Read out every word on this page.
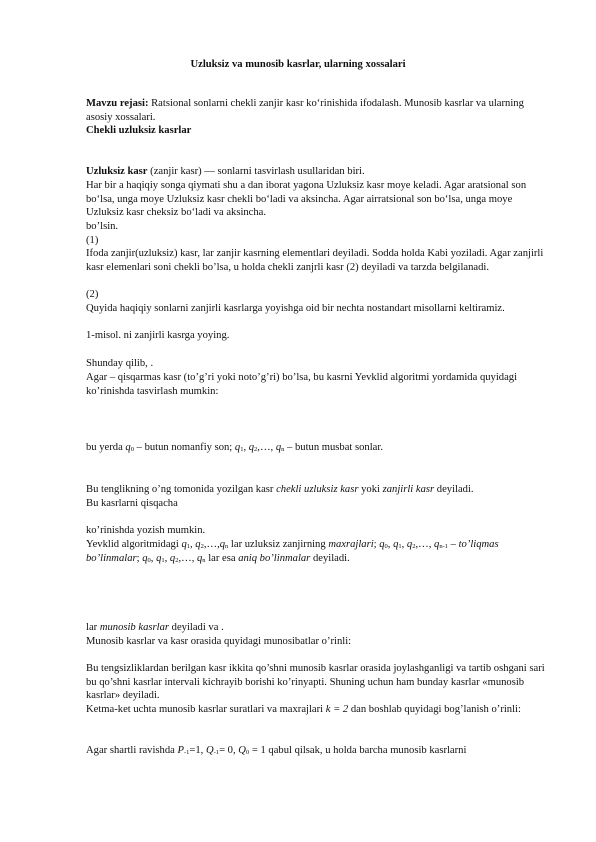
Uzluksiz va munosib kasrlar, ularning xossalari

Mavzu rejasi: Ratsional sonlarni chekli zanjir kasr ko‘rinishida ifodalash. Munosib kasrlar va ularning asosiy xossalari.

Chekli uzluksiz kasrlar

Uzluksiz kasr (zanjir kasr) — sonlarni tasvirlash usullaridan biri.

Har bir a haqiqiy songa qiymati shu a dan iborat yagona Uzluksiz kasr moye keladi. Agar aratsional son bo‘lsa, unga moye Uzluksiz kasr chekli bo‘ladi va aksincha. Agar airratsional son bo‘lsa, unga moye Uzluksiz kasr cheksiz bo‘ladi va aksincha.

bo’lsin.

(1)

Ifoda zanjir(uzluksiz) kasr, lar zanjir kasrning elementlari deyiladi. Sodda holda Kabi yoziladi. Agar zanjirli kasr elemenlari soni chekli bo’lsa, u holda chekli zanjrli kasr (2) deyiladi va tarzda belgilanadi.

(2)

Quyida haqiqiy sonlarni zanjirli kasrlarga yoyishga oid bir nechta nostandart misollarni keltiramiz.

1-misol. ni zanjirli kasrga yoying.

Shunday qilib, .

Agar – qisqarmas kasr (to’g’ri yoki noto’g’ri) bo’lsa, bu kasrni Yevklid algoritmi yordamida quyidagi ko’rinishda tasvirlash mumkin:

bu yerda $q_0$ – butun nomanfiy son; $q_1$, $q_2,\dots$, $q_n$ – butun musbat sonlar.

Bu tenglikning o’ng tomonida yozilgan kasr chekli uzluksiz kasr yoki zanjirli kasr deyiladi.

Bu kasrlarni qisqacha

ko’rinishda yozish mumkin.

Yevklid algoritmidagi $q_1$, $q_2,\dots,q_n$ lar uzluksiz zanjirning maxrajlari; $q_0$, $q_1$, $q_2,\dots$, $q_{n-1}$ – to’liqmas bo’linmalar; $q_0$, $q_1$, $q_2,\dots$, $q_n$ lar esa aniq bo’linmalar deyiladi.

lar munosib kasrlar deyiladi va .

Munosib kasrlar va kasr orasida quyidagi munosibatlar o’rinli:

Bu tengsizliklardan berilgan kasr ikkita qo’shni munosib kasrlar orasida joylashganligi va tartib oshgani sari bu qo’shni kasrlar intervali kichrayib borishi ko’rinyapti. Shuning uchun ham bunday kasrlar «munosib kasrlar» deyiladi.

Ketma-ket uchta munosib kasrlar suratlari va maxrajlari k = 2 dan boshlab quyidagi bog’lanish o’rinli:

Agar shartli ravishda $P_{-1}=1$, $Q_{-1}= 0$, $Q_0 = 1$ qabul qilsak, u holda barcha munosib kasrlarni
